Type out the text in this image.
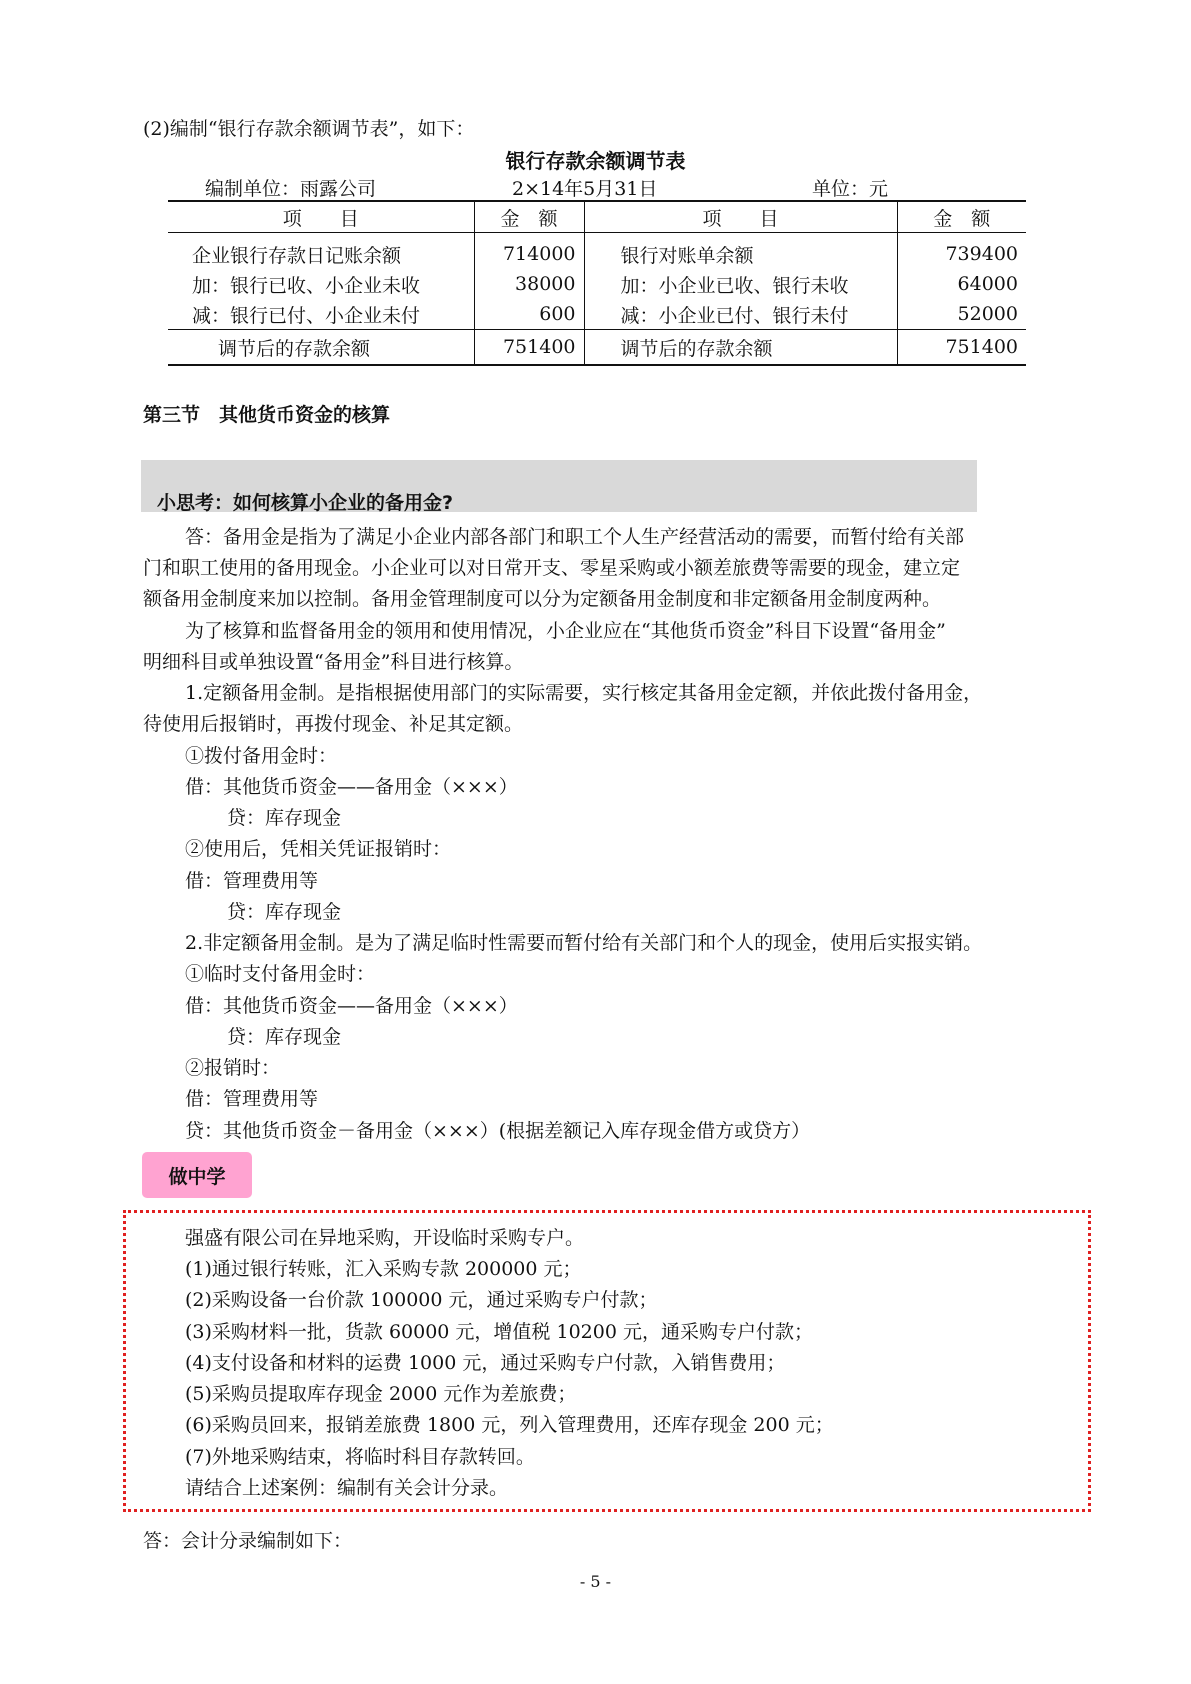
(2)编制“银行存款余额调节表”，如下：
银行存款余额调节表
编制单位：雨露公司	2×14年5月31日	单位：元
项　　目	金　额	项　　目	金　额
企业银行存款日记账余额	714000	银行对账单余额	739400
加：银行已收、小企业未收	38000	加：小企业已收、银行未收	64000
减：银行已付、小企业未付	600	减：小企业已付、银行未付	52000
调节后的存款余额	751400	调节后的存款余额	751400
第三节　其他货币资金的核算
小思考：如何核算小企业的备用金?
答：备用金是指为了满足小企业内部各部门和职工个人生产经营活动的需要，而暂付给有关部
门和职工使用的备用现金。小企业可以对日常开支、零星采购或小额差旅费等需要的现金，建立定
额备用金制度来加以控制。备用金管理制度可以分为定额备用金制度和非定额备用金制度两种。
为了核算和监督备用金的领用和使用情况，小企业应在“其他货币资金”科目下设置“备用金”
明细科目或单独设置“备用金”科目进行核算。
1.定额备用金制。是指根据使用部门的实际需要，实行核定其备用金定额，并依此拨付备用金，
待使用后报销时，再拨付现金、补足其定额。
①拨付备用金时：
借：其他货币资金——备用金（×××）
贷：库存现金
②使用后，凭相关凭证报销时：
借：管理费用等
贷：库存现金
2.非定额备用金制。是为了满足临时性需要而暂付给有关部门和个人的现金，使用后实报实销。
①临时支付备用金时：
借：其他货币资金——备用金（×××）
贷：库存现金
②报销时：
借：管理费用等
贷：其他货币资金－备用金（×××）(根据差额记入库存现金借方或贷方）
做中学
强盛有限公司在异地采购，开设临时采购专户。
(1)通过银行转账，汇入采购专款 200000 元；
(2)采购设备一台价款 100000 元，通过采购专户付款；
(3)采购材料一批，货款 60000 元，增值税 10200 元，通采购专户付款；
(4)支付设备和材料的运费 1000 元，通过采购专户付款，入销售费用；
(5)采购员提取库存现金 2000 元作为差旅费；
(6)采购员回来，报销差旅费 1800 元，列入管理费用，还库存现金 200 元；
(7)外地采购结束，将临时科目存款转回。
请结合上述案例：编制有关会计分录。
答：会计分录编制如下：
- 5 -
